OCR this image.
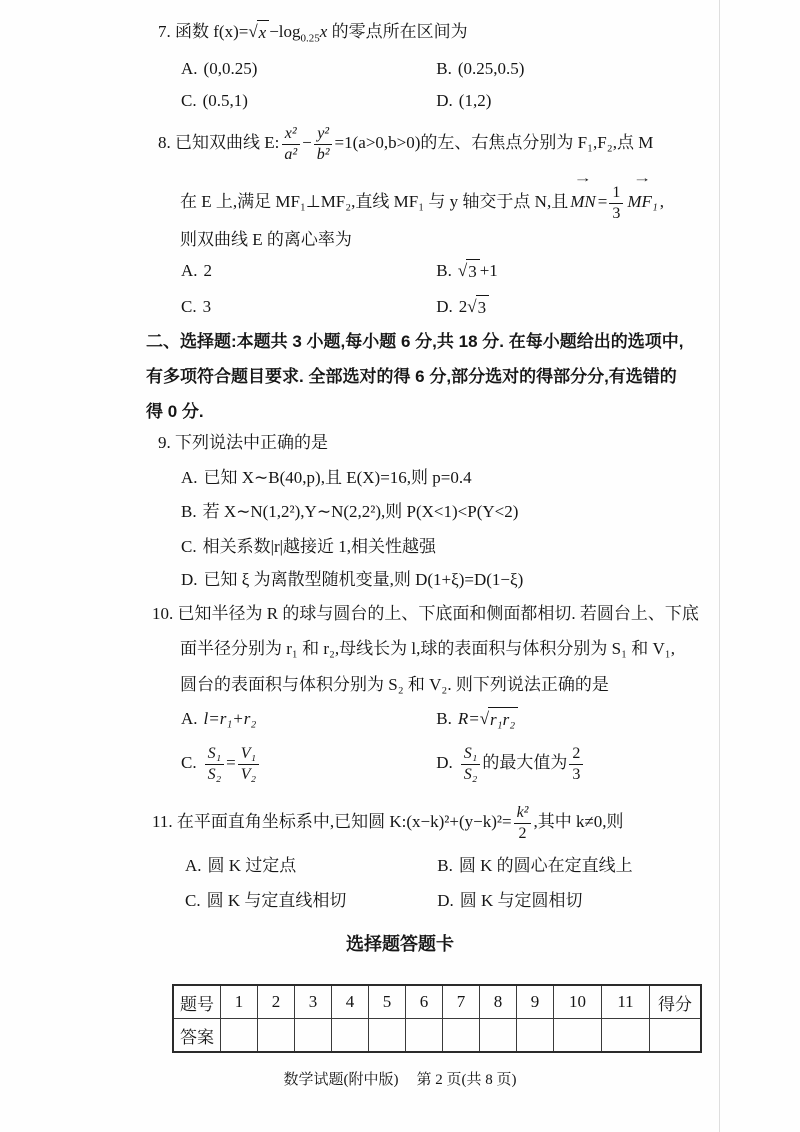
7. 函数 f(x)= √ $x -\log_{0.25}x$ 的零点所在区间为
A. (0,0.25)	B. (0.25,0.5)
C. (0.5,1)	D. (1,2)
8. 已知双曲线 E: $\frac{\text{x²}}{\text{a²}} - \frac{\text{y²}}{\text{b²}} =1(a>0,b>0)$的左、右焦点分别为 F₁,F₂,点 M
在 E 上,满足 MF₁⊥MF₂,直线 MF₁ 与 y 轴交于点 N,且
→
MN = $\frac{1}{3}$
→
MF₁ ,
则双曲线 E 的离心率为
A. 2	B. √ 3 +1
C. 3	D. 2 √ 3
二、选择题:本题共 3 小题,每小题 6 分,共 18 分. 在每小题给出的选项中,
有多项符合题目要求. 全部选对的得 6 分,部分选对的得部分分,有选错的
得 0 分.
9. 下列说法中正确的是
A. 已知 X∼B(40,p),且 E(X)=16,则 p=0.4
B. 若 X∼N(1,2²),Y∼N(2,2²),则 P(X<1)<P(Y<2)
C. 相关系数|r|越接近 1,相关性越强
D. 已知 ξ 为离散型随机变量,则 D(1+ξ)=D(1−ξ)
10. 已知半径为 R 的球与圆台的上、下底面和侧面都相切. 若圆台上、下底
面半径分别为 r₁ 和 r₂,母线长为 l,球的表面积与体积分别为 S₁ 和 V₁,
圆台的表面积与体积分别为 S₂ 和 V₂. 则下列说法正确的是
A. l=r₁+r₂	B. R= √ r₁r₂
C. $\frac{\text{S₁}}{\text{S₂}} = \frac{\text{V₁}}{\text{V₂}}$	D. $\frac{\text{S₁}}{\text{S₂}}$ 的最大值为 $\frac{2}{3}$
11. 在平面直角坐标系中,已知圆 K:(x−k)²+(y−k)²= $\frac{\text{k²}}{2}$ ,其中 k≠0,则
A. 圆 K 过定点	B. 圆 K 的圆心在定直线上
C. 圆 K 与定直线相切	D. 圆 K 与定圆相切
选择题答题卡
题号	1	2	3	4	5	6	7	8	9	10	11	得分
答案												
数学试题(附中版) 第 2 页(共 8 页)
